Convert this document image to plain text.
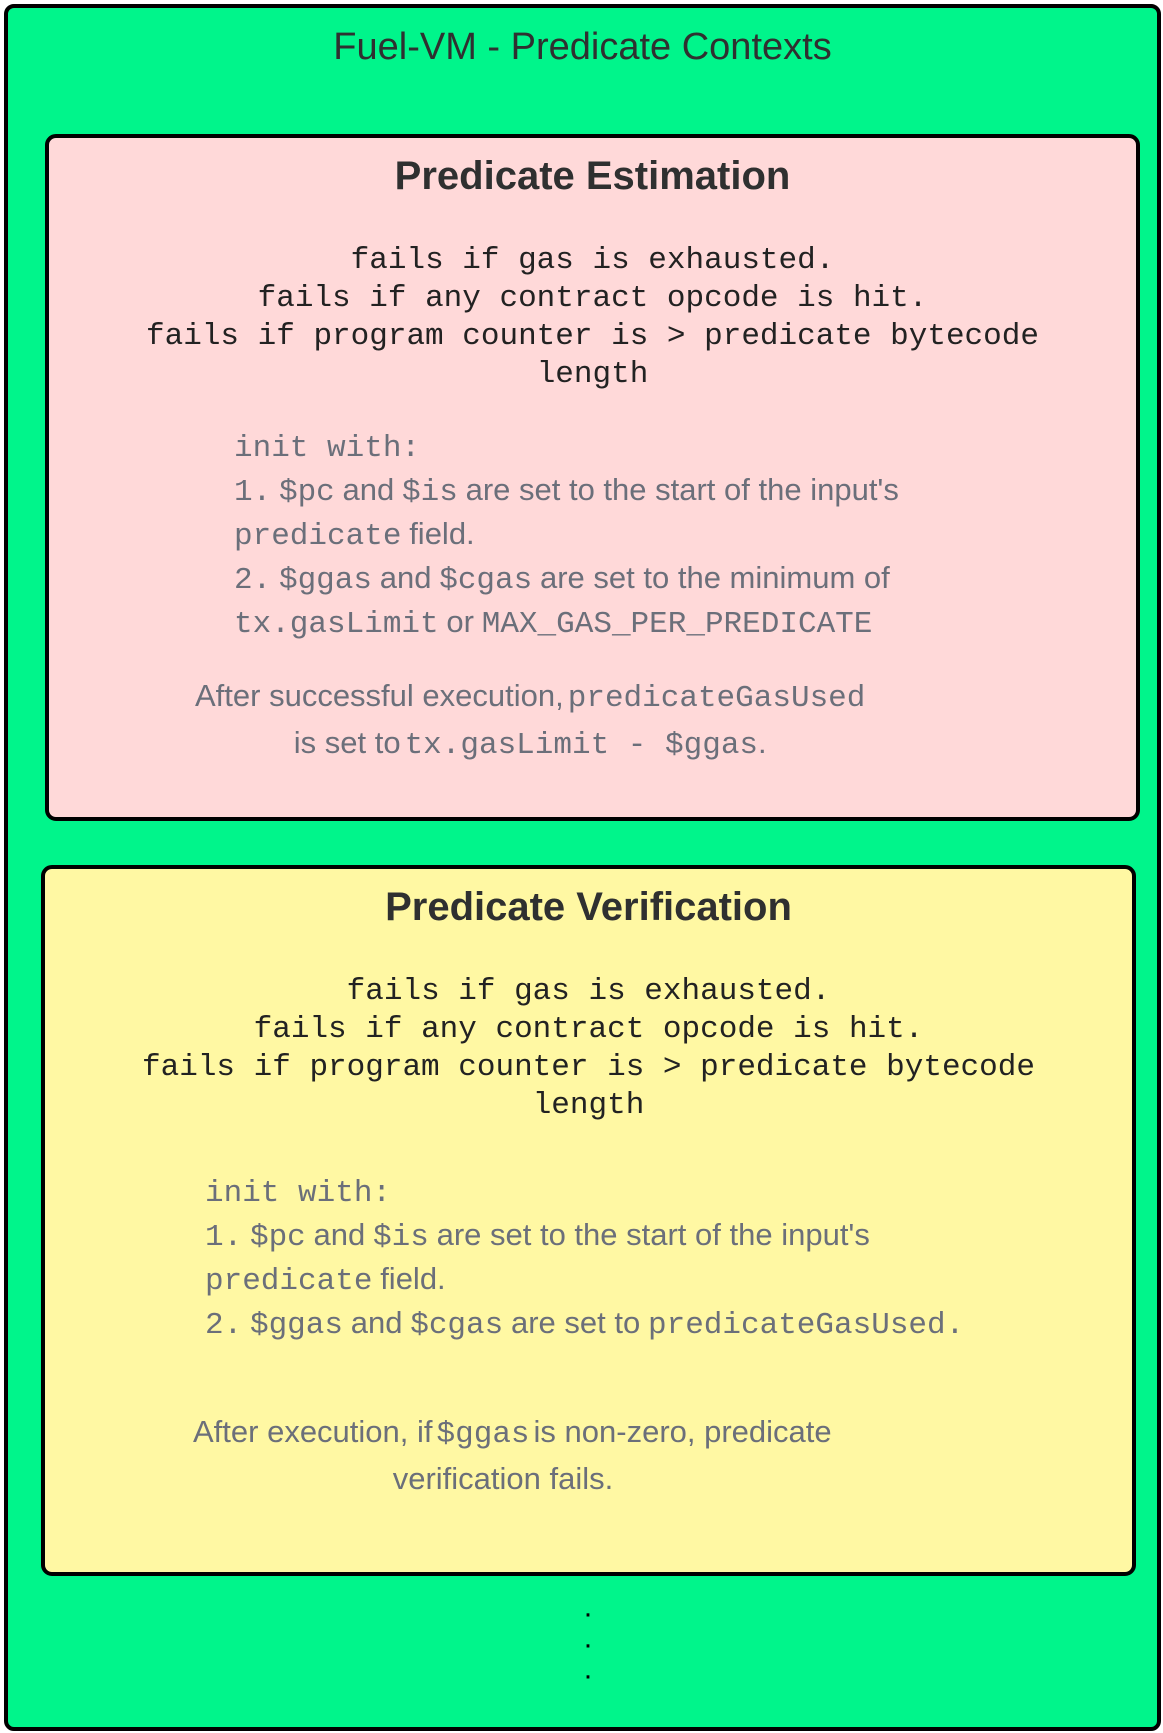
Fuel-VM - Predicate Contexts
Predicate Estimation
fails if gas is exhausted.
fails if any contract opcode is hit.
fails if program counter is > predicate bytecode
length
init with:
1. $pc and $is are set to the start of the input's
predicate field.
2. $ggas and $cgas are set to the minimum of
tx.gasLimit or MAX_GAS_PER_PREDICATE
After successful execution, predicateGasUsed
is set to tx.gasLimit - $ggas.
Predicate Verification
fails if gas is exhausted.
fails if any contract opcode is hit.
fails if program counter is > predicate bytecode
length
init with:
1. $pc and $is are set to the start of the input's
predicate field.
2. $ggas and $cgas are set to predicateGasUsed.
After execution, if $ggas is non-zero, predicate
verification fails.
·
·
·
